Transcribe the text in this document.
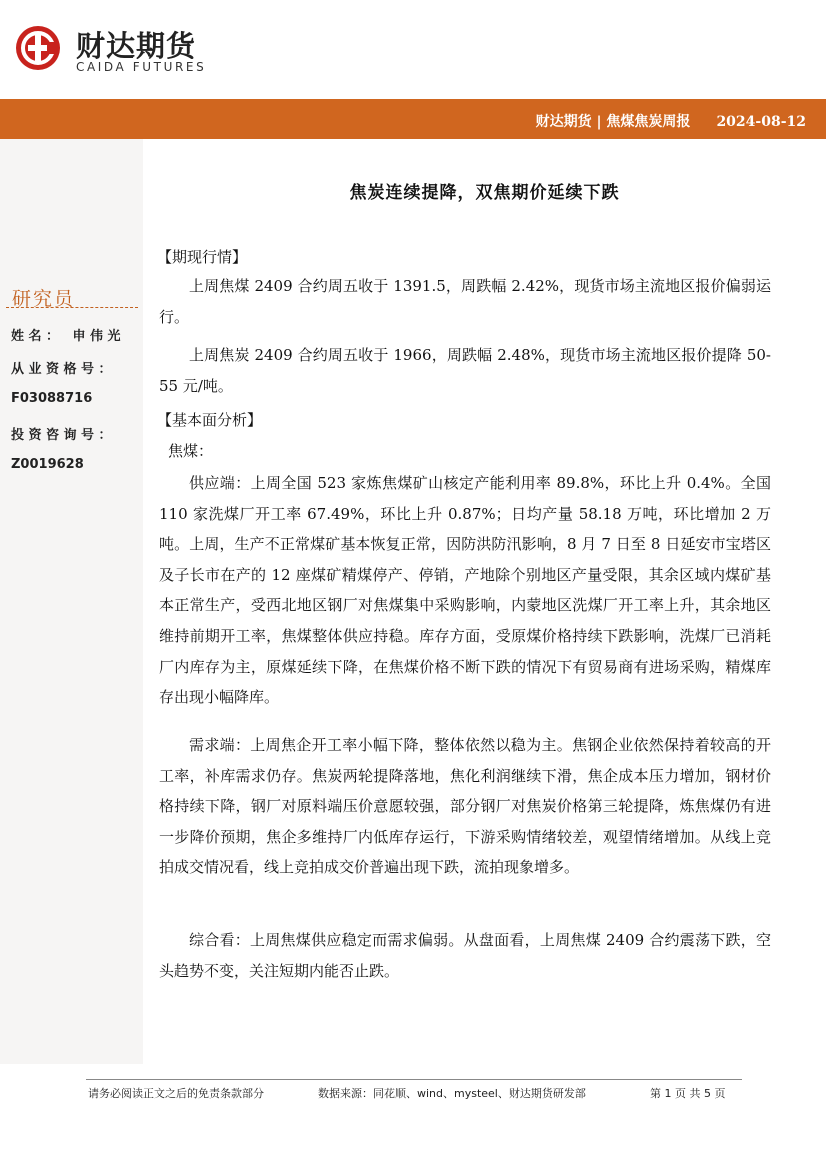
财达期货
CAIDA FUTURES
财达期货 | 焦煤焦炭周报 2024-08-12
研究员
姓名： 申伟光
从业资格号：
F03088716
投资咨询号：
Z0019628
焦炭连续提降，双焦期价延续下跌
【期现行情】
上周焦煤 2409 合约周五收于 1391.5，周跌幅 2.42%，现货市场主流地区报价偏弱运行。
上周焦炭 2409 合约周五收于 1966，周跌幅 2.48%，现货市场主流地区报价提降 50-55 元/吨。
【基本面分析】
焦煤：
供应端：上周全国 523 家炼焦煤矿山核定产能利用率 89.8%，环比上升 0.4%。全国 110 家洗煤厂开工率 67.49%，环比上升 0.87%；日均产量 58.18 万吨，环比增加 2 万吨。上周，生产不正常煤矿基本恢复正常，因防洪防汛影响，8 月 7 日至 8 日延安市宝塔区及子长市在产的 12 座煤矿精煤停产、停销，产地除个别地区产量受限，其余区域内煤矿基本正常生产，受西北地区钢厂对焦煤集中采购影响，内蒙地区洗煤厂开工率上升，其余地区维持前期开工率，焦煤整体供应持稳。库存方面，受原煤价格持续下跌影响，洗煤厂已消耗厂内库存为主，原煤延续下降，在焦煤价格不断下跌的情况下有贸易商有进场采购，精煤库存出现小幅降库。
需求端：上周焦企开工率小幅下降，整体依然以稳为主。焦钢企业依然保持着较高的开工率，补库需求仍存。焦炭两轮提降落地，焦化利润继续下滑，焦企成本压力增加，钢材价格持续下降，钢厂对原料端压价意愿较强，部分钢厂对焦炭价格第三轮提降，炼焦煤仍有进一步降价预期，焦企多维持厂内低库存运行，下游采购情绪较差，观望情绪增加。从线上竞拍成交情况看，线上竞拍成交价普遍出现下跌，流拍现象增多。
综合看：上周焦煤供应稳定而需求偏弱。从盘面看，上周焦煤 2409 合约震荡下跌，空头趋势不变，关注短期内能否止跌。
请务必阅读正文之后的免责条款部分	数据来源：同花顺、wind、mysteel、财达期货研发部	第 1 页 共 5 页
